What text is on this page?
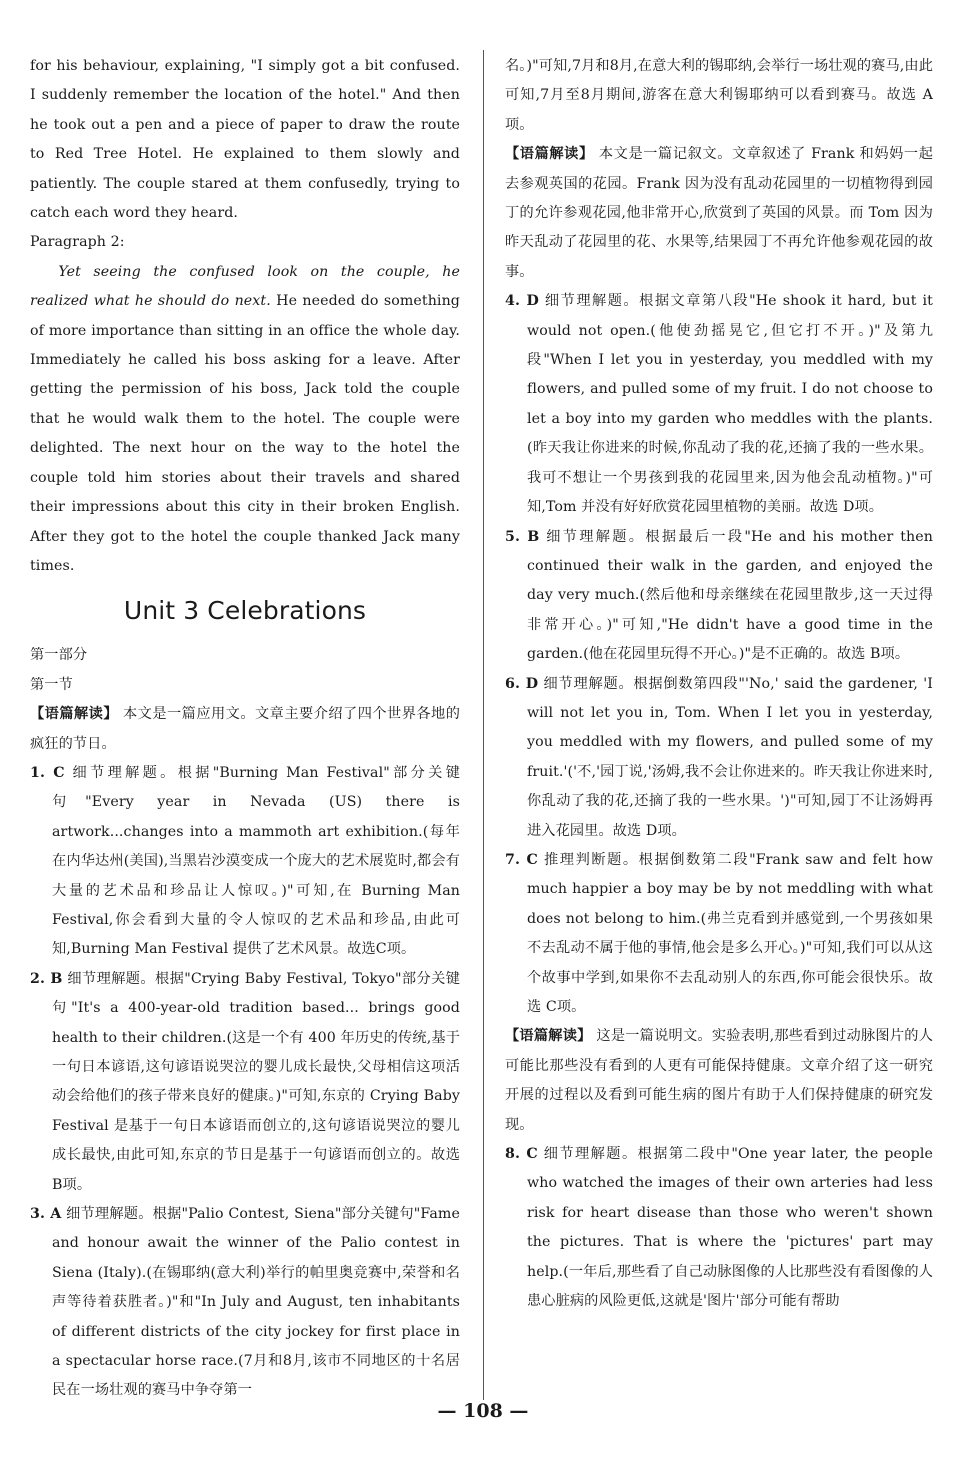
for his behaviour, explaining, "I simply got a bit confused. I suddenly remember the location of the hotel." And then he took out a pen and a piece of paper to draw the route to Red Tree Hotel. He explained to them slowly and patiently. The couple stared at them confusedly, trying to catch each word they heard.

Paragraph 2:

Yet seeing the confused look on the couple, he realized what he should do next. He needed do something of more importance than sitting in an office the whole day. Immediately he called his boss asking for a leave. After getting the permission of his boss, Jack told the couple that he would walk them to the hotel. The couple were delighted. The next hour on the way to the hotel the couple told him stories about their travels and shared their impressions about this city in their broken English. After they got to the hotel the couple thanked Jack many times.

Unit 3 Celebrations

第一部分

第一节

【语篇解读】 本文是一篇应用文。文章主要介绍了四个世界各地的疯狂的节日。

1. C 细节理解题。根据"Burning Man Festival"部分关键句"Every year in Nevada (US) there is artwork...changes into a mammoth art exhibition.(每年在内华达州(美国),当黑岩沙漠变成一个庞大的艺术展览时,都会有大量的艺术品和珍品让人惊叹。)"可知,在 Burning Man Festival,你会看到大量的令人惊叹的艺术品和珍品,由此可知,Burning Man Festival 提供了艺术风景。故选C项。

2. B 细节理解题。根据"Crying Baby Festival, Tokyo"部分关键句"It's a 400-year-old tradition based... brings good health to their children.(这是一个有 400 年历史的传统,基于一句日本谚语,这句谚语说哭泣的婴儿成长最快,父母相信这项活动会给他们的孩子带来良好的健康。)"可知,东京的 Crying Baby Festival 是基于一句日本谚语而创立的,这句谚语说哭泣的婴儿成长最快,由此可知,东京的节日是基于一句谚语而创立的。故选 B项。

3. A 细节理解题。根据"Palio Contest, Siena"部分关键句"Fame and honour await the winner of the Palio contest in Siena (Italy).(在锡耶纳(意大利)举行的帕里奥竞赛中,荣誉和名声等待着获胜者。)"和"In July and August, ten inhabitants of different districts of the city jockey for first place in a spectacular horse race.(7月和8月,该市不同地区的十名居民在一场壮观的赛马中争夺第一

名。)"可知,7月和8月,在意大利的锡耶纳,会举行一场壮观的赛马,由此可知,7月至8月期间,游客在意大利锡耶纳可以看到赛马。故选 A项。

【语篇解读】 本文是一篇记叙文。文章叙述了 Frank 和妈妈一起去参观英国的花园。Frank 因为没有乱动花园里的一切植物得到园丁的允许参观花园,他非常开心,欣赏到了英国的风景。而 Tom 因为昨天乱动了花园里的花、水果等,结果园丁不再允许他参观花园的故事。

4. D 细节理解题。根据文章第八段"He shook it hard, but it would not open.(他使劲摇晃它,但它打不开。)"及第九段"When I let you in yesterday, you meddled with my flowers, and pulled some of my fruit. I do not choose to let a boy into my garden who meddles with the plants.(昨天我让你进来的时候,你乱动了我的花,还摘了我的一些水果。我可不想让一个男孩到我的花园里来,因为他会乱动植物。)"可知,Tom 并没有好好欣赏花园里植物的美丽。故选 D项。

5. B 细节理解题。根据最后一段"He and his mother then continued their walk in the garden, and enjoyed the day very much.(然后他和母亲继续在花园里散步,这一天过得非常开心。)"可知,"He didn't have a good time in the garden.(他在花园里玩得不开心。)"是不正确的。故选 B项。

6. D 细节理解题。根据倒数第四段"'No,' said the gardener, 'I will not let you in, Tom. When I let you in yesterday, you meddled with my flowers, and pulled some of my fruit.'('不,'园丁说,'汤姆,我不会让你进来的。昨天我让你进来时,你乱动了我的花,还摘了我的一些水果。')"可知,园丁不让汤姆再进入花园里。故选 D项。

7. C 推理判断题。根据倒数第二段"Frank saw and felt how much happier a boy may be by not meddling with what does not belong to him.(弗兰克看到并感觉到,一个男孩如果不去乱动不属于他的事情,他会是多么开心。)"可知,我们可以从这个故事中学到,如果你不去乱动别人的东西,你可能会很快乐。故选 C项。

【语篇解读】 这是一篇说明文。实验表明,那些看到过动脉图片的人可能比那些没有看到的人更有可能保持健康。文章介绍了这一研究开展的过程以及看到可能生病的图片有助于人们保持健康的研究发现。

8. C 细节理解题。根据第二段中"One year later, the people who watched the images of their own arteries had less risk for heart disease than those who weren't shown the pictures. That is where the 'pictures' part may help.(一年后,那些看了自己动脉图像的人比那些没有看图像的人患心脏病的风险更低,这就是'图片'部分可能有帮助

— 108 —
